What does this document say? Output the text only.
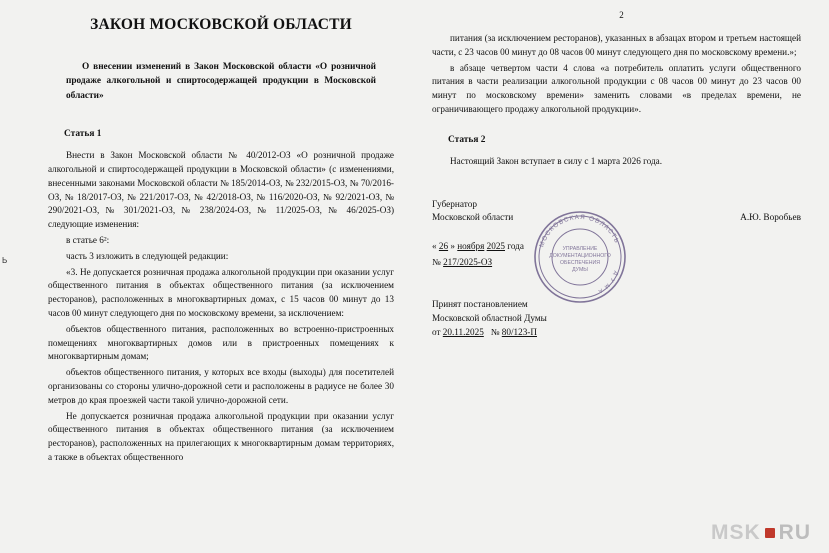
ЗАКОН МОСКОВСКОЙ ОБЛАСТИ
О внесении изменений в Закон Московской области «О розничной продаже алкогольной и спиртосодержащей продукции в Московской области»
Статья 1

Внести в Закон Московской области № 40/2012-ОЗ «О розничной продаже алкогольной и спиртосодержащей продукции в Московской области» (с изменениями, внесенными законами Московской области № 185/2014-ОЗ, № 232/2015-ОЗ, № 70/2016-ОЗ, № 18/2017-ОЗ, № 221/2017-ОЗ, № 42/2018-ОЗ, № 116/2020-ОЗ, № 92/2021-ОЗ, № 290/2021-ОЗ, № 301/2021-ОЗ, № 238/2024-ОЗ, № 11/2025-ОЗ, № 46/2025-ОЗ) следующие изменения:

в статье 6²:

часть 3 изложить в следующей редакции:

«3. Не допускается розничная продажа алкогольной продукции при оказании услуг общественного питания в объектах общественного питания (за исключением ресторанов), расположенных в многоквартирных домах, с 15 часов 00 минут до 13 часов 00 минут следующего дня по московскому времени, за исключением:

объектов общественного питания, расположенных во встроенно-пристроенных помещениях многоквартирных домов или в пристроенных помещениях к многоквартирным домам;

объектов общественного питания, у которых все входы (выходы) для посетителей организованы со стороны улично-дорожной сети и расположены в радиусе не более 30 метров до края проезжей части такой улично-дорожной сети.

Не допускается розничная продажа алкогольной продукции при оказании услуг общественного питания в объектах общественного питания (за исключением ресторанов), расположенных на прилегающих к многоквартирным домам территориях, а также в объектах общественного

Ь
2

питания (за исключением ресторанов), указанных в абзацах втором и третьем настоящей части, с 23 часов 00 минут до 08 часов 00 минут следующего дня по московскому времени.»;

в абзаце четвертом части 4 слова «а потребитель оплатить услуги общественного питания в части реализации алкогольной продукции с 08 часов 00 минут до 23 часов 00 минут по московскому времени» заменить словами «в пределах времени, не ограничивающего продажу алкогольной продукции».

Статья 2

Настоящий Закон вступает в силу с 1 марта 2026 года.

МОСКОВСКАЯ ОБЛАСТЬ
Д У М А
УПРАВЛЕНИЕ
ДОКУМЕНТАЦИОННОГО
ОБЕСПЕЧЕНИЯ
ДУМЫ
Губернатор
Московской области	А.Ю. Воробьев
« 26 » ноября 2025 года
№ 217/2025-ОЗ
Принят постановлением
Московской областной Думы
от 20.11.2025 № 80/123-П
MSK RU
